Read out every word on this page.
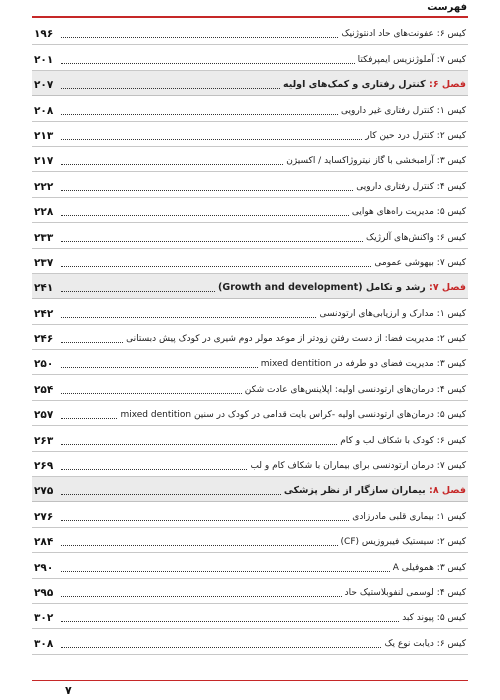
فهرست
۱۹۶	کیس ۶: عفونت‌های حاد ادنتوژنیک
۲۰۱	کیس ۷: آملوژنزیس ایمپرفکتا
۲۰۷	فصل ۶: کنترل رفتاری و کمک‌های اولیه
۲۰۸	کیس ۱: کنترل رفتاری غیر دارویی
۲۱۳	کیس ۲: کنترل درد حین کار
۲۱۷	کیس ۳: آرامبخشی با گاز نیتروژاکساید / اکسیژن
۲۲۲	کیس ۴: کنترل رفتاری دارویی
۲۲۸	کیس ۵: مدیریت راه‌های هوایی
۲۳۳	کیس ۶: واکنش‌های آلرژیک
۲۳۷	کیس ۷: بیهوشی عمومی
۲۴۱	فصل ۷: رشد و تکامل (Growth and development)
۲۴۲	کیس ۱: مدارک و ارزیابی‌های ارتودنسی
۲۴۶	کیس ۲: مدیریت فضا: از دست رفتن زودتر از موعد مولر دوم شیری در کودک پیش دبستانی
۲۵۰	کیس ۳: مدیریت فضای دو طرفه در mixed dentition
۲۵۴	کیس ۴: درمان‌های ارتودنسی اولیه: اپلاینس‌های عادت شکن
۲۵۷	کیس ۵: درمان‌های ارتودنسی اولیه -کراس بایت قدامی در کودک در سنین mixed dentition
۲۶۳	کیس ۶: کودک با شکاف لب و کام
۲۶۹	کیس ۷: درمان ارتودنسی برای بیماران با شکاف کام و لب
۲۷۵	فصل ۸: بیماران سازگار از نظر پزشکی
۲۷۶	کیس ۱: بیماری قلبی مادرزادی
۲۸۴	کیس ۲: سیستیک فیبروزیس (CF)
۲۹۰	کیس ۳: هموفیلی A
۲۹۵	کیس ۴: لوسمی لنفوبلاستیک حاد
۳۰۲	کیس ۵: پیوند کبد
۳۰۸	کیس ۶: دیابت نوع یک
۷
